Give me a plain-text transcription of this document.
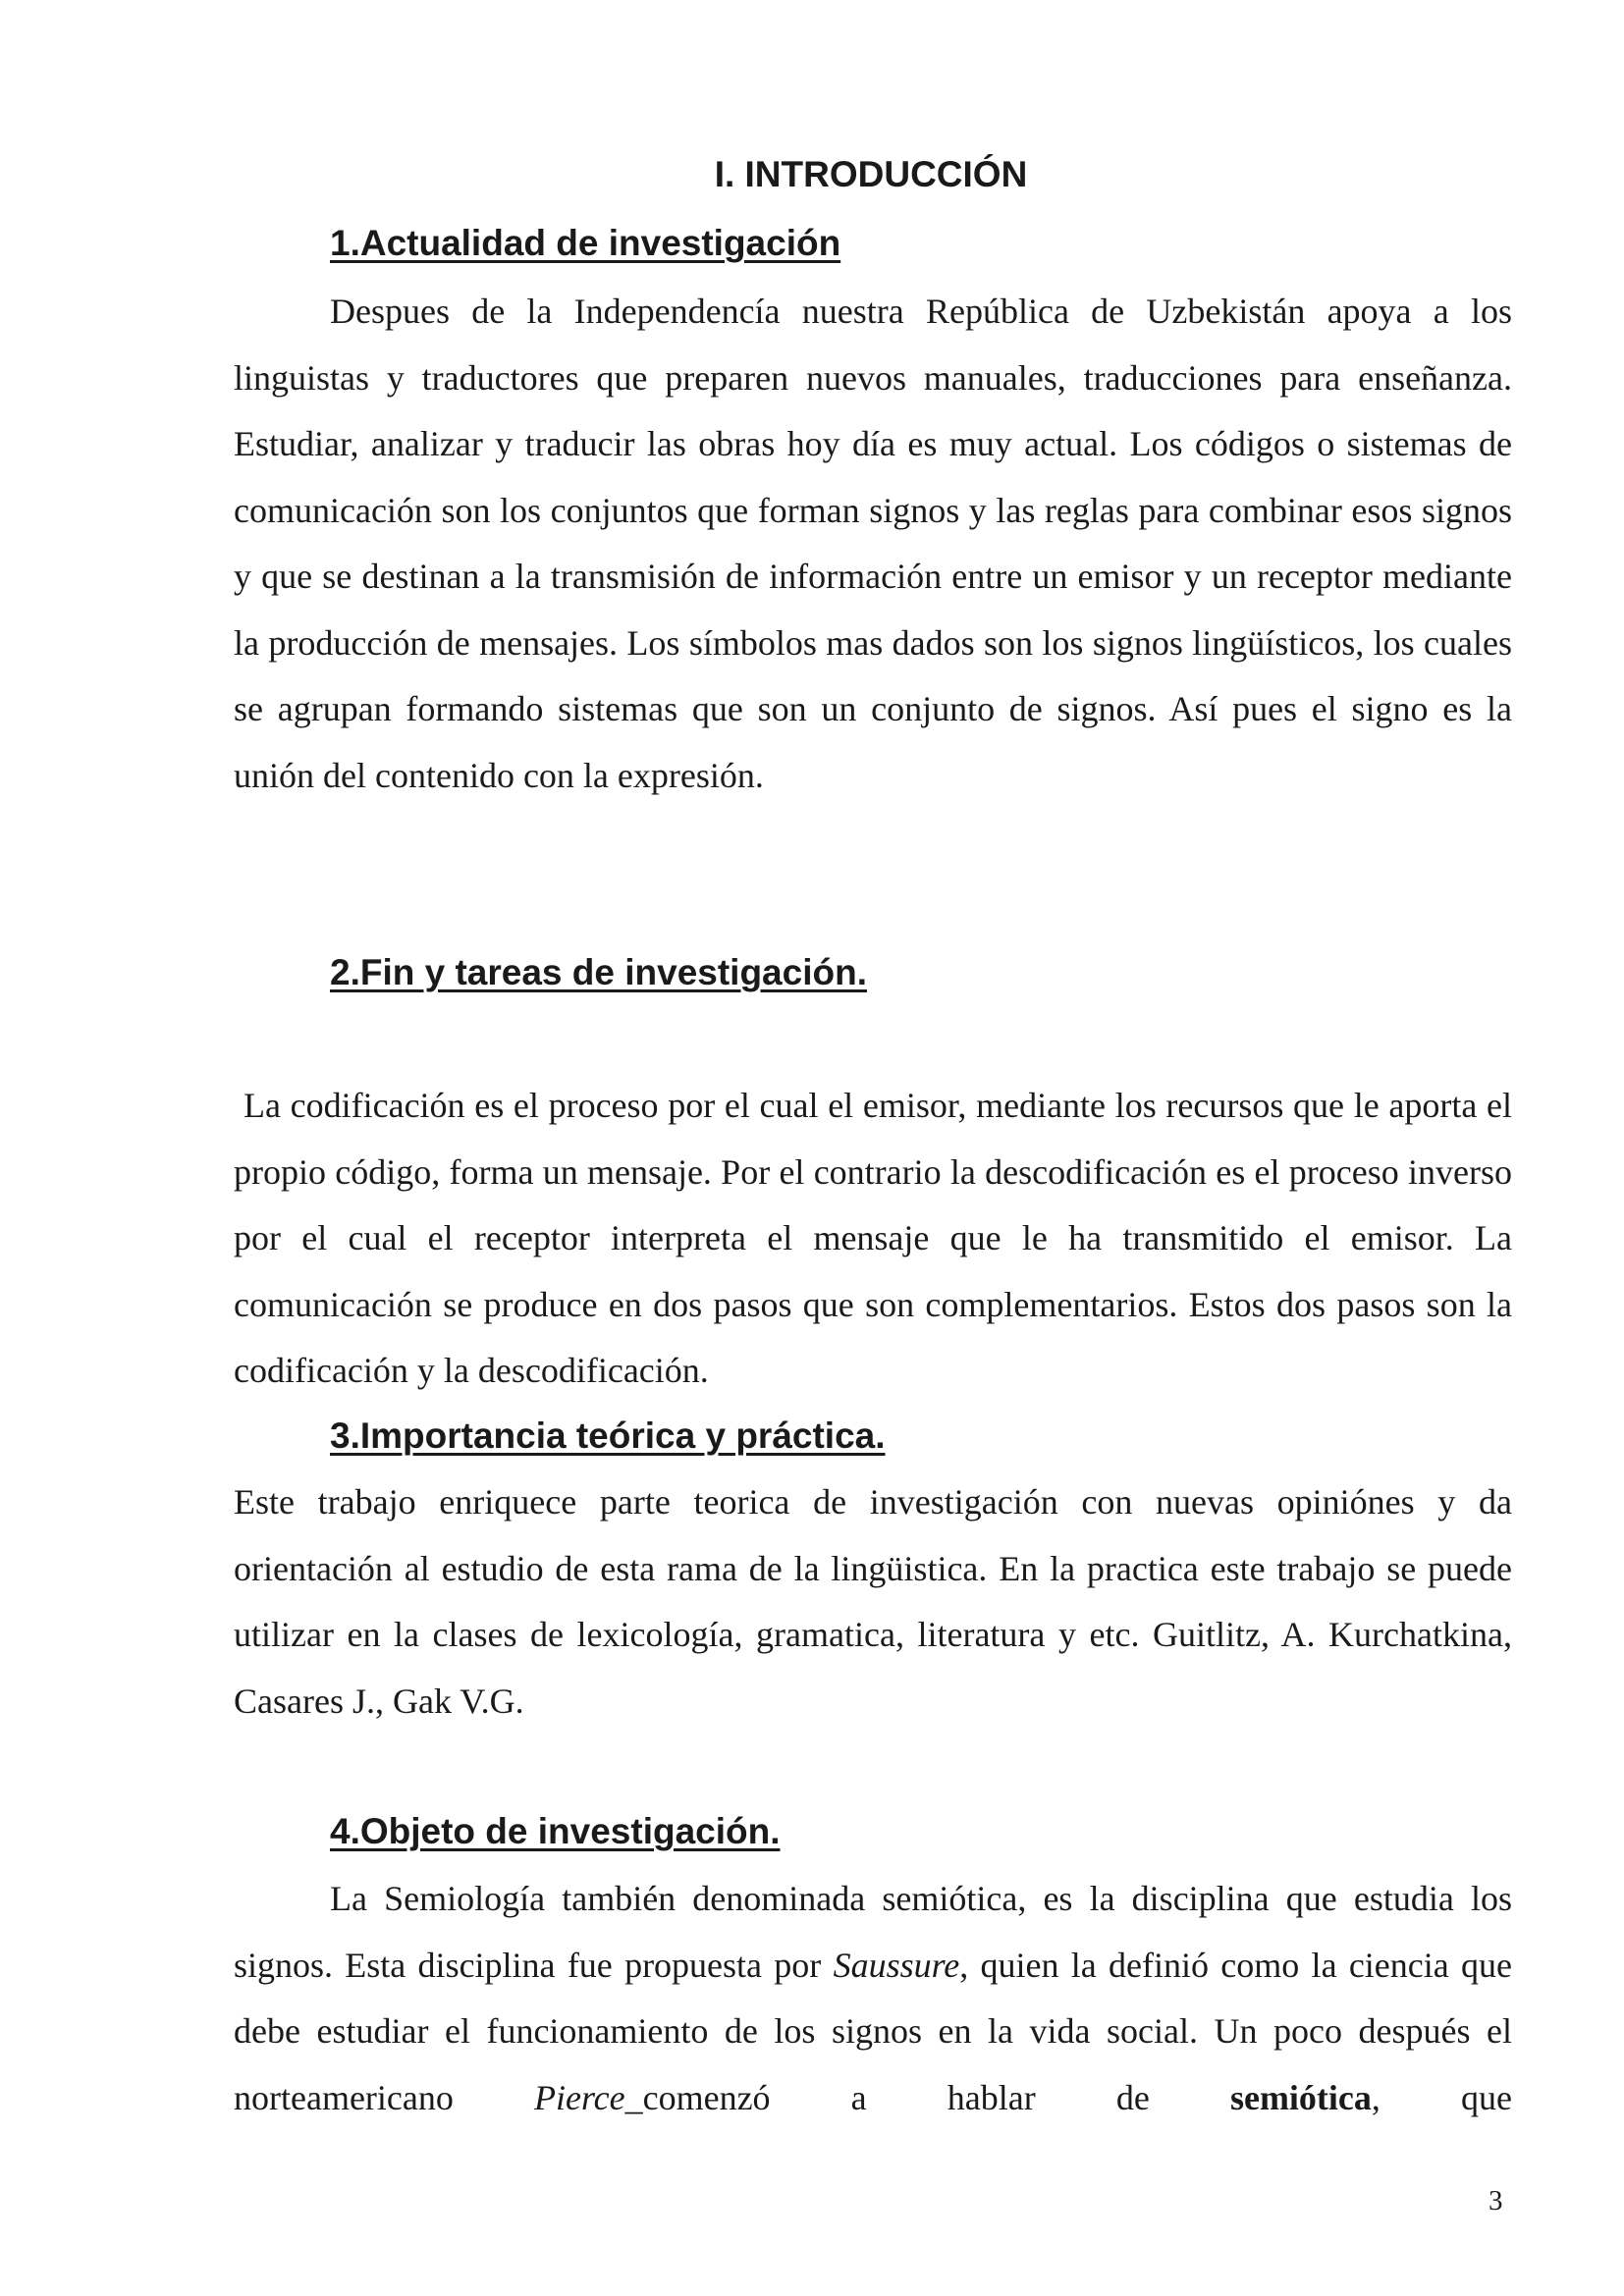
I. INTRODUCCIÓN
1.Actualidad de investigación

Despues de la Independencía nuestra República de Uzbekistán apoya a los linguistas y traductores que preparen nuevos manuales, traducciones para enseñanza. Estudiar, analizar y traducir las obras hoy día es muy actual. Los códigos o sistemas de comunicación son los conjuntos que forman signos y las reglas para combinar esos signos y que se destinan a la transmisión de información entre un emisor y un receptor mediante la producción de mensajes. Los símbolos mas dados son los signos lingüísticos, los cuales se agrupan formando sistemas que son un conjunto de signos. Así pues el signo es la unión del contenido con la expresión.

2.Fin y tareas de investigación.

La codificación es el proceso por el cual el emisor, mediante los recursos que le aporta el propio código, forma un mensaje. Por el contrario la descodificación es el proceso inverso por el cual el receptor interpreta el mensaje que le ha transmitido el emisor. La comunicación se produce en dos pasos que son complementarios. Estos dos pasos son la codificación y la descodificación.

3.Importancia teórica y práctica.

Este trabajo enriquece parte teorica de investigación con nuevas opiniónes y da orientación al estudio de esta rama de la lingüistica. En la practica este trabajo se puede utilizar en la clases de lexicología, gramatica, literatura y etc. Guitlitz, A. Kurchatkina, Casares J., Gak V.G.

4.Objeto de investigación.

La Semiología también denominada semiótica, es la disciplina que estudia los signos. Esta disciplina fue propuesta por Saussure, quien la definió como la ciencia que debe estudiar el funcionamiento de los signos en la vida social. Un poco después el norteamericano Pierce_comenzó a hablar de semiótica, que

3
